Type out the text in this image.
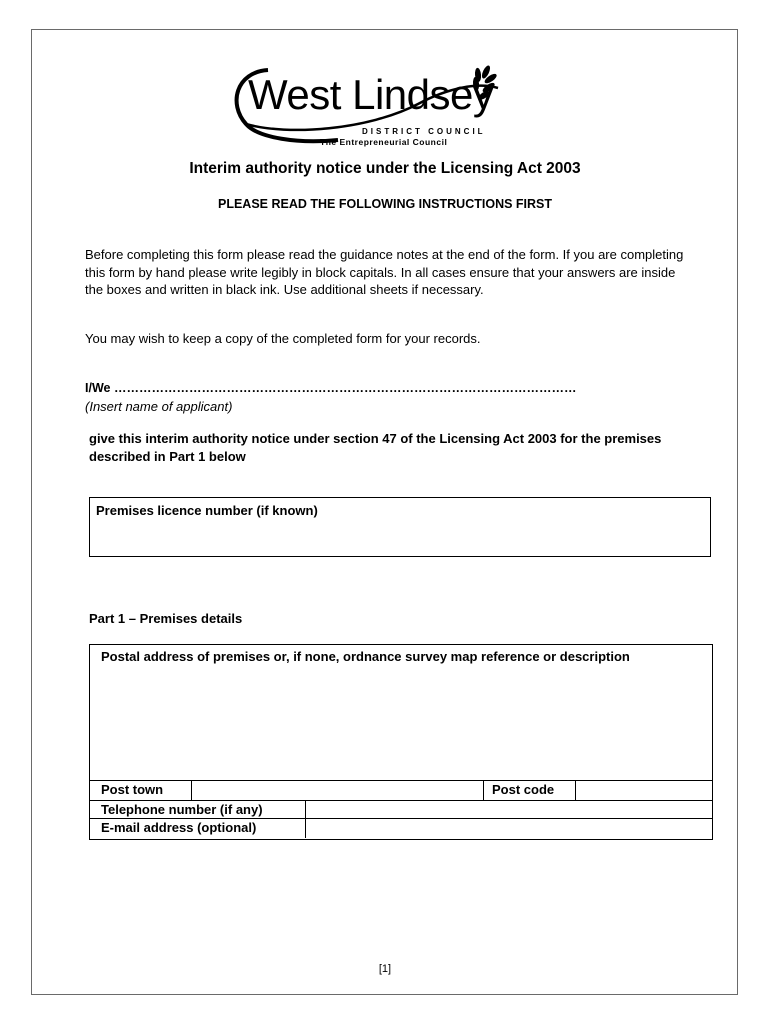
West Lindsey
DISTRICT COUNCIL
The Entrepreneurial Council
Interim authority notice under the Licensing Act 2003
PLEASE READ THE FOLLOWING INSTRUCTIONS FIRST
Before completing this form please read the guidance notes at the end of the form. If you are completing this form by hand please write legibly in block capitals. In all cases ensure that your answers are inside the boxes and written in black ink. Use additional sheets if necessary.
You may wish to keep a copy of the completed form for your records.
I/We …………………………………………………………………………………………………
(Insert name of applicant)
give this interim authority notice under section 47 of the Licensing Act 2003 for the premises described in Part 1 below
Premises licence number (if known)
Part 1 – Premises details
Postal address of premises or, if none, ordnance survey map reference or description
Post town	Post code
Telephone number (if any)
E-mail address (optional)
[1]
